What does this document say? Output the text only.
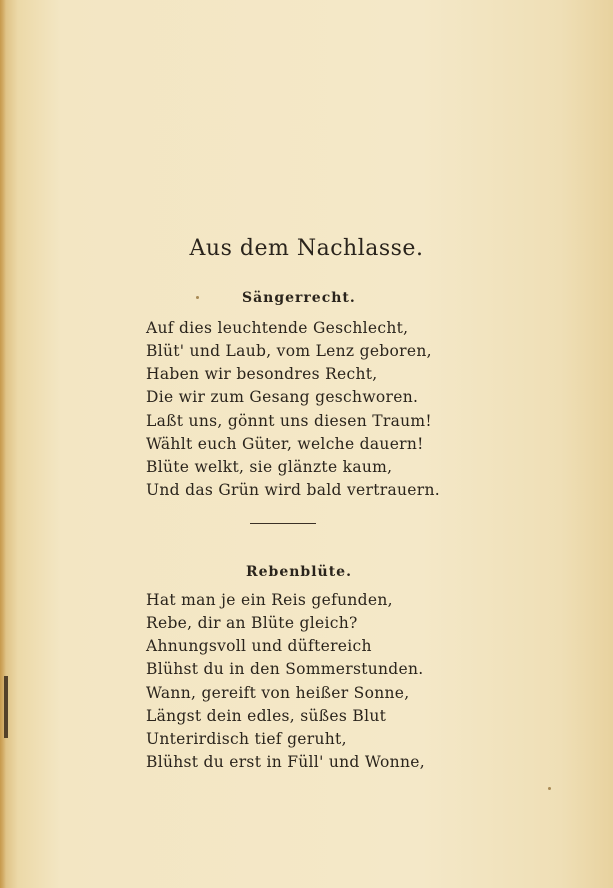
Aus dem Nachlasse.
Sängerrecht.
Auf dies leuchtende Geschlecht,
Blüt' und Laub, vom Lenz geboren,
Haben wir besondres Recht,
Die wir zum Gesang geschworen.
Laßt uns, gönnt uns diesen Traum!
Wählt euch Güter, welche dauern!
Blüte welkt, sie glänzte kaum,
Und das Grün wird bald vertrauern.
Rebenblüte.
Hat man je ein Reis gefunden,
Rebe, dir an Blüte gleich?
Ahnungsvoll und düftereich
Blühst du in den Sommerstunden.
Wann, gereift von heißer Sonne,
Längst dein edles, süßes Blut
Unterirdisch tief geruht,
Blühst du erst in Füll' und Wonne,
